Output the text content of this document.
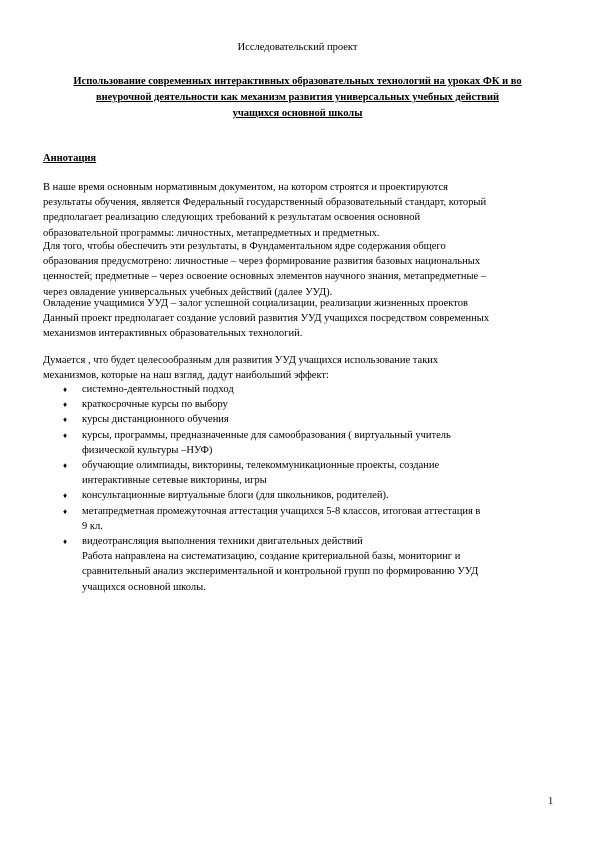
Исследовательский проект
Использование современных интерактивных образовательных технологий на уроках ФК и во
внеурочной деятельности как механизм развития универсальных учебных действий
учащихся основной школы
Аннотация
В наше время основным нормативным документом, на котором строятся и проектируются
результаты обучения, является Федеральный государственный образовательный стандарт, который
предполагает реализацию следующих требований к результатам освоения основной
образовательной программы: личностных, метапредметных и предметных.
Для того, чтобы обеспечить эти результаты, в Фундаментальном ядре содержания общего
образования предусмотрено: личностные – через формирование развития базовых национальных
ценностей; предметные – через освоение основных элементов научного знания, метапредметные –
через овладение универсальных учебных действий (далее УУД).
Овладение учащимися УУД – залог успешной социализации, реализации жизненных проектов
Данный проект предполагает создание условий развития УУД учащихся посредством современных
механизмов интерактивных образовательных технологий.
Думается , что будет целесообразным для развития УУД учащихся использование таких
механизмов, которые на наш взгляд, дадут наибольший эффект:
♦ системно-деятельностный подход
♦ краткосрочные курсы по выбору
♦ курсы дистанционного обучения
♦ курсы, программы, предназначенные для самообразования ( виртуальный учитель
физической культуры –НУФ)
♦ обучающие олимпиады, викторины, телекоммуникационные проекты, создание
интерактивные сетевые викторины, игры
♦ консультационные виртуальные блоги (для школьников, родителей).
♦ метапредметная промежуточная аттестация учащихся 5-8 классов, итоговая аттестация в
9 кл.
♦ видеотрансляция выполнения техники двигательных действий
Работа направлена на систематизацию, создание критериальной базы, мониторинг и
сравнительный анализ экспериментальной и контрольной групп по формированию УУД
учащихся основной школы.
1
